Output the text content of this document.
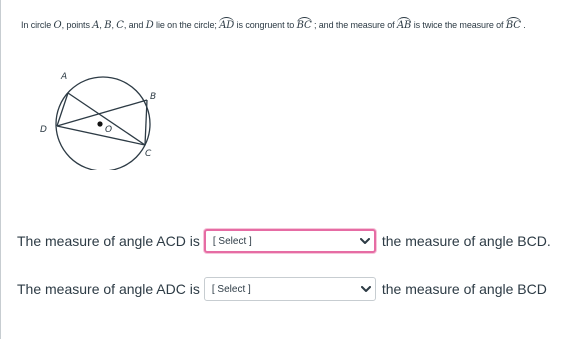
In circle O, points A, B, C, and D lie on the circle; AD is congruent to BC ; and the measure of AB is twice the measure of BC .
A
B
C
D	O
The measure of angle ACD is [ Select ]	the measure of angle BCD.
The measure of angle ADC is [ Select ]	the measure of angle BCD
